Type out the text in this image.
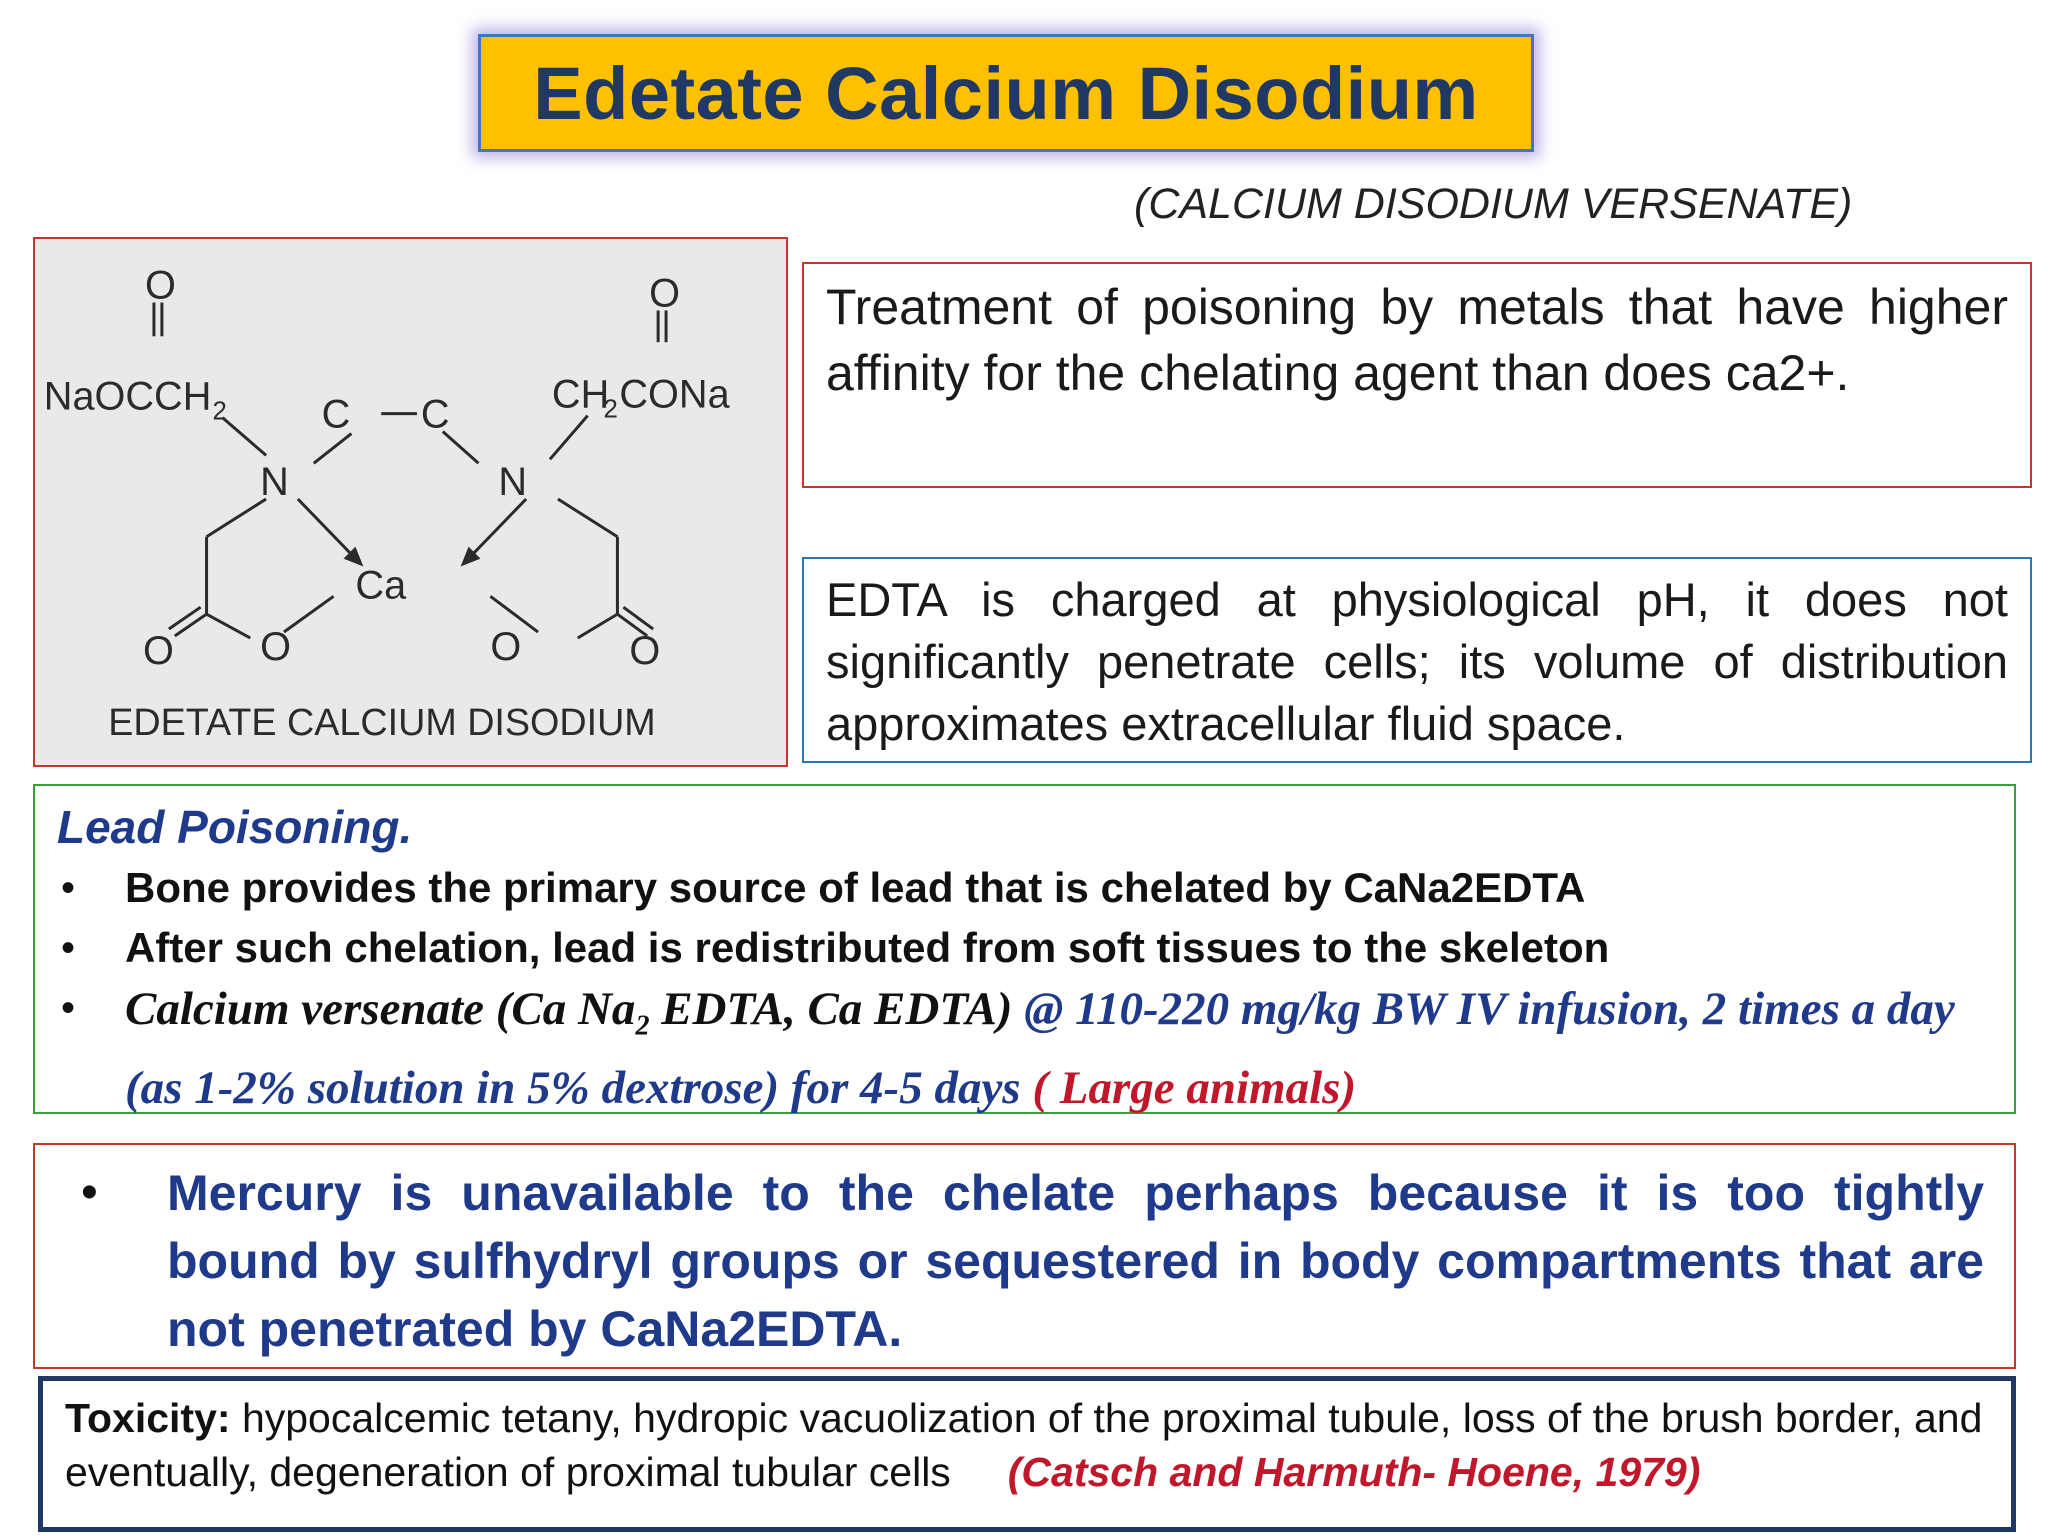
Edetate Calcium Disodium
(CALCIUM DISODIUM VERSENATE)
O	O
NaOCCH 2 C C	CH
2 CONa
N	N
Ca
O O	O	O
EDETATE CALCIUM DISODIUM
Treatment of poisoning by metals that have higher affinity for the chelating agent than does ca2+.
EDTA is charged at physiological pH, it does not significantly penetrate cells; its volume of distribution approximates extracellular fluid space.
Lead Poisoning.
•	Bone provides the primary source of lead that is chelated by CaNa2EDTA
•	After such chelation, lead is redistributed from soft tissues to the skeleton
•	Calcium versenate (Ca $Na_2$ EDTA, Ca EDTA) @ 110-220 mg/kg BW IV infusion, 2 times a day (as 1-2% solution in 5% dextrose) for 4-5 days ( Large animals)
•	Mercury is unavailable to the chelate perhaps because it is too tightly bound by sulfhydryl groups or sequestered in body compartments that are not penetrated by CaNa2EDTA.
Toxicity: hypocalcemic tetany, hydropic vacuolization of the proximal tubule, loss of the brush border, and eventually, degeneration of proximal tubular cells (Catsch and Harmuth- Hoene, 1979)
